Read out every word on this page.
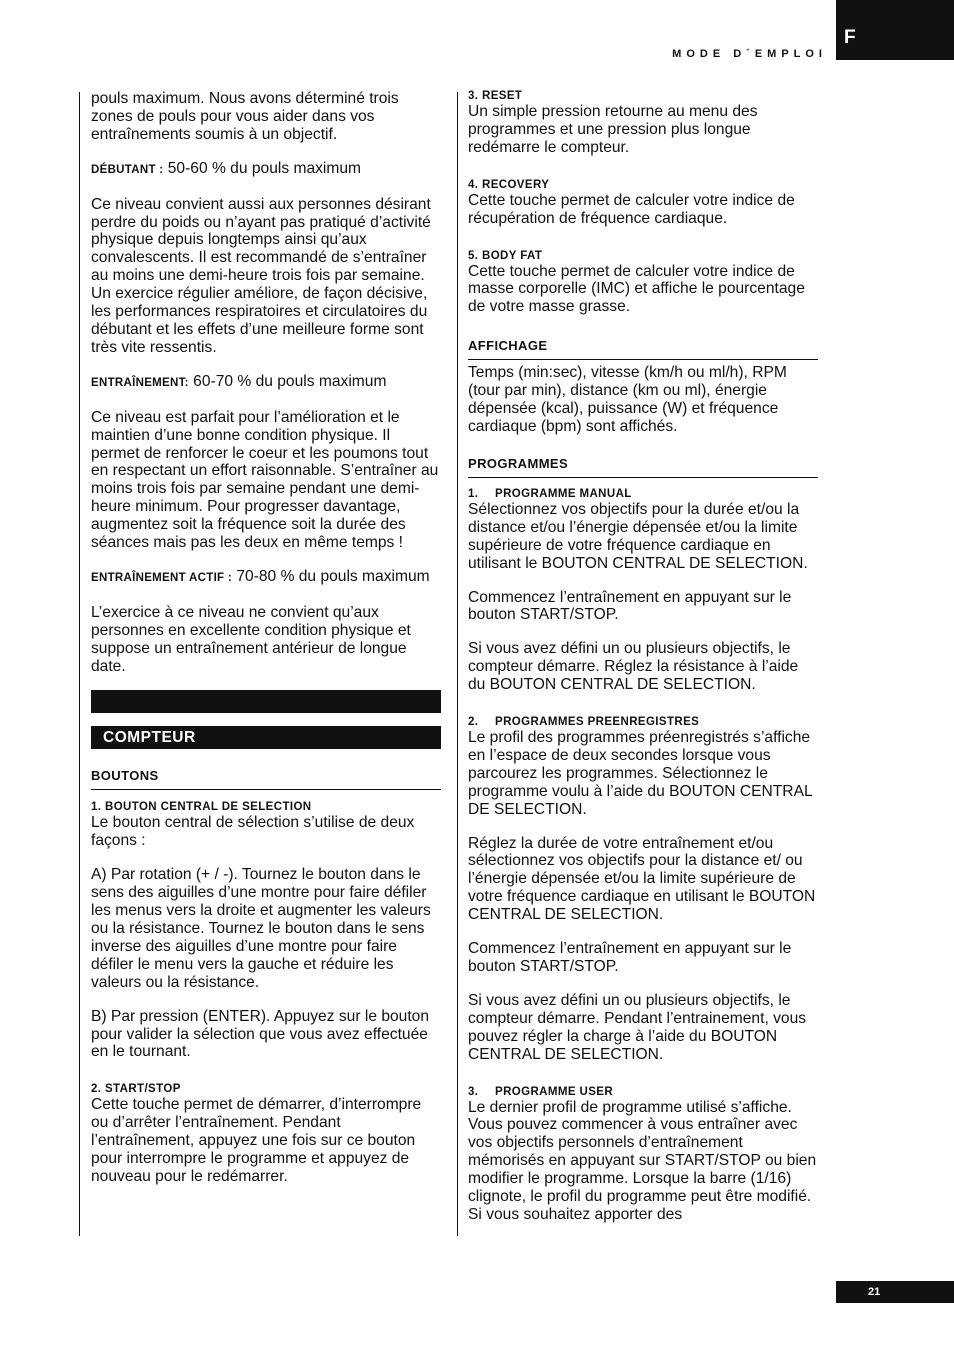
MODE D´EMPLOI
F

pouls maximum. Nous avons déterminé trois zones de pouls pour vous aider dans vos entraînements soumis à un objectif.

DÉBUTANT : 50-60 % du pouls maximum

Ce niveau convient aussi aux personnes désirant perdre du poids ou n’ayant pas pratiqué d’activité physique depuis longtemps ainsi qu’aux convalescents. Il est recommandé de s’entraîner au moins une demi-heure trois fois par semaine. Un exercice régulier améliore, de façon décisive, les performances respiratoires et circulatoires du débutant et les effets d’une meilleure forme sont très vite ressentis.

ENTRAÎNEMENT: 60-70 % du pouls maximum

Ce niveau est parfait pour l’amélioration et le maintien d’une bonne condition physique. Il permet de renforcer le coeur et les poumons tout en respectant un effort raisonnable. S’entraîner au moins trois fois par semaine pendant une demi-heure minimum. Pour progresser davantage, augmentez soit la fréquence soit la durée des séances mais pas les deux en même temps !

ENTRAÎNEMENT ACTIF : 70-80 % du pouls maximum

L’exercice à ce niveau ne convient qu’aux personnes en excellente condition physique et suppose un entraînement antérieur de longue date.

COMPTEUR

BOUTONS

1. BOUTON CENTRAL DE SELECTION

Le bouton central de sélection s’utilise de deux façons :

A) Par rotation (+ / -). Tournez le bouton dans le sens des aiguilles d’une montre pour faire défiler les menus vers la droite et augmenter les valeurs ou la résistance. Tournez le bouton dans le sens inverse des aiguilles d’une montre pour faire défiler le menu vers la gauche et réduire les valeurs ou la résistance.

B) Par pression (ENTER). Appuyez sur le bouton pour valider la sélection que vous avez effectuée en le tournant.

2. START/STOP

Cette touche permet de démarrer, d’interrompre ou d’arrêter l’entraînement. Pendant l’entraînement, appuyez une fois sur ce bouton pour interrompre le programme et appuyez de nouveau pour le redémarrer.

3. RESET

Un simple pression retourne au menu des programmes et une pression plus longue redémarre le compteur.

4. RECOVERY

Cette touche permet de calculer votre indice de récupération de fréquence cardiaque.

5. BODY FAT

Cette touche permet de calculer votre indice de masse corporelle (IMC) et affiche le pourcentage de votre masse grasse.

AFFICHAGE

Temps (min:sec), vitesse (km/h ou ml/h), RPM (tour par min), distance (km ou ml), énergie dépensée (kcal), puissance (W) et fréquence cardiaque (bpm) sont affichés.

PROGRAMMES

1. PROGRAMME MANUAL

Sélectionnez vos objectifs pour la durée et/ou la distance et/ou l’énergie dépensée et/ou la limite supérieure de votre fréquence cardiaque en utilisant le BOUTON CENTRAL DE SELECTION.

Commencez l’entraînement en appuyant sur le bouton START/STOP.

Si vous avez défini un ou plusieurs objectifs, le compteur démarre. Réglez la résistance à l’aide du BOUTON CENTRAL DE SELECTION.

2. PROGRAMMES PREENREGISTRES

Le profil des programmes préenregistrés s’affiche en l’espace de deux secondes lorsque vous parcourez les programmes. Sélectionnez le programme voulu à l’aide du BOUTON CENTRAL DE SELECTION.

Réglez la durée de votre entraînement et/ou sélectionnez vos objectifs pour la distance et/ ou l’énergie dépensée et/ou la limite supérieure de votre fréquence cardiaque en utilisant le BOUTON CENTRAL DE SELECTION.

Commencez l’entraînement en appuyant sur le bouton START/STOP.

Si vous avez défini un ou plusieurs objectifs, le compteur démarre. Pendant l’entrainement, vous pouvez régler la charge à l’aide du BOUTON CENTRAL DE SELECTION.

3. PROGRAMME USER

Le dernier profil de programme utilisé s’affiche. Vous pouvez commencer à vous entraîner avec vos objectifs personnels d’entraînement mémorisés en appuyant sur START/STOP ou bien modifier le programme. Lorsque la barre (1/16) clignote, le profil du programme peut être modifié. Si vous souhaitez apporter des

21
